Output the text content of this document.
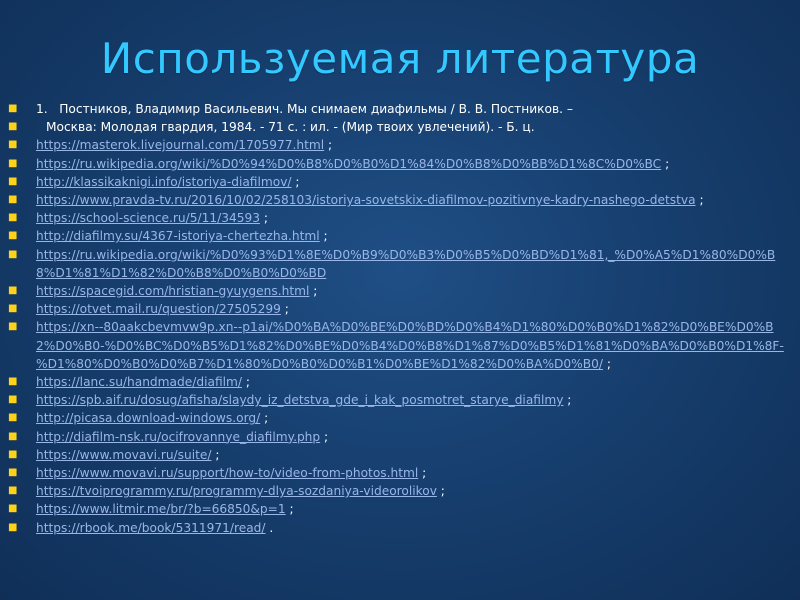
Используемая литература
■ 1. Постников, Владимир Васильевич. Мы снимаем диафильмы / В. В. Постников. –
■ Москва: Молодая гвардия, 1984. - 71 с. : ил. - (Мир твоих увлечений). - Б. ц.
■ https://masterok.livejournal.com/1705977.html ;
■ https://ru.wikipedia.org/wiki/%D0%94%D0%B8%D0%B0%D1%84%D0%B8%D0%BB%D1%8C%D0%BC ;
■ http://klassikaknigi.info/istoriya-diafilmov/ ;
■ https://www.pravda-tv.ru/2016/10/02/258103/istoriya-sovetskix-diafilmov-pozitivnye-kadry-nashego-detstva ;
■ https://school-science.ru/5/11/34593 ;
■ http://diafilmy.su/4367-istoriya-chertezha.html ;
■ https://ru.wikipedia.org/wiki/%D0%93%D1%8E%D0%B9%D0%B3%D0%B5%D0%BD%D1%81,_%D0%A5%D1%80%D0%B8%D1%81%D1%82%D0%B8%D0%B0%D0%BD
■ https://spacegid.com/hristian-gyuygens.html ;
■ https://otvet.mail.ru/question/27505299 ;
■ https://xn--80aakcbevmvw9p.xn--p1ai/%D0%BA%D0%BE%D0%BD%D0%B4%D1%80%D0%B0%D1%82%D0%BE%D0%B2%D0%B0-%D0%BC%D0%B5%D1%82%D0%BE%D0%B4%D0%B8%D1%87%D0%B5%D1%81%D0%BA%D0%B0%D1%8F-%D1%80%D0%B0%D0%B7%D1%80%D0%B0%D0%B1%D0%BE%D1%82%D0%BA%D0%B0/ ;
■ https://lanc.su/handmade/diafilm/ ;
■ https://spb.aif.ru/dosug/afisha/slaydy_iz_detstva_gde_i_kak_posmotret_starye_diafilmy ;
■ http://picasa.download-windows.org/ ;
■ http://diafilm-nsk.ru/ocifrovannye_diafilmy.php ;
■ https://www.movavi.ru/suite/ ;
■ https://www.movavi.ru/support/how-to/video-from-photos.html ;
■ https://tvoiprogrammy.ru/programmy-dlya-sozdaniya-videorolikov ;
■ https://www.litmir.me/br/?b=66850&p=1 ;
■ https://rbook.me/book/5311971/read/ .
